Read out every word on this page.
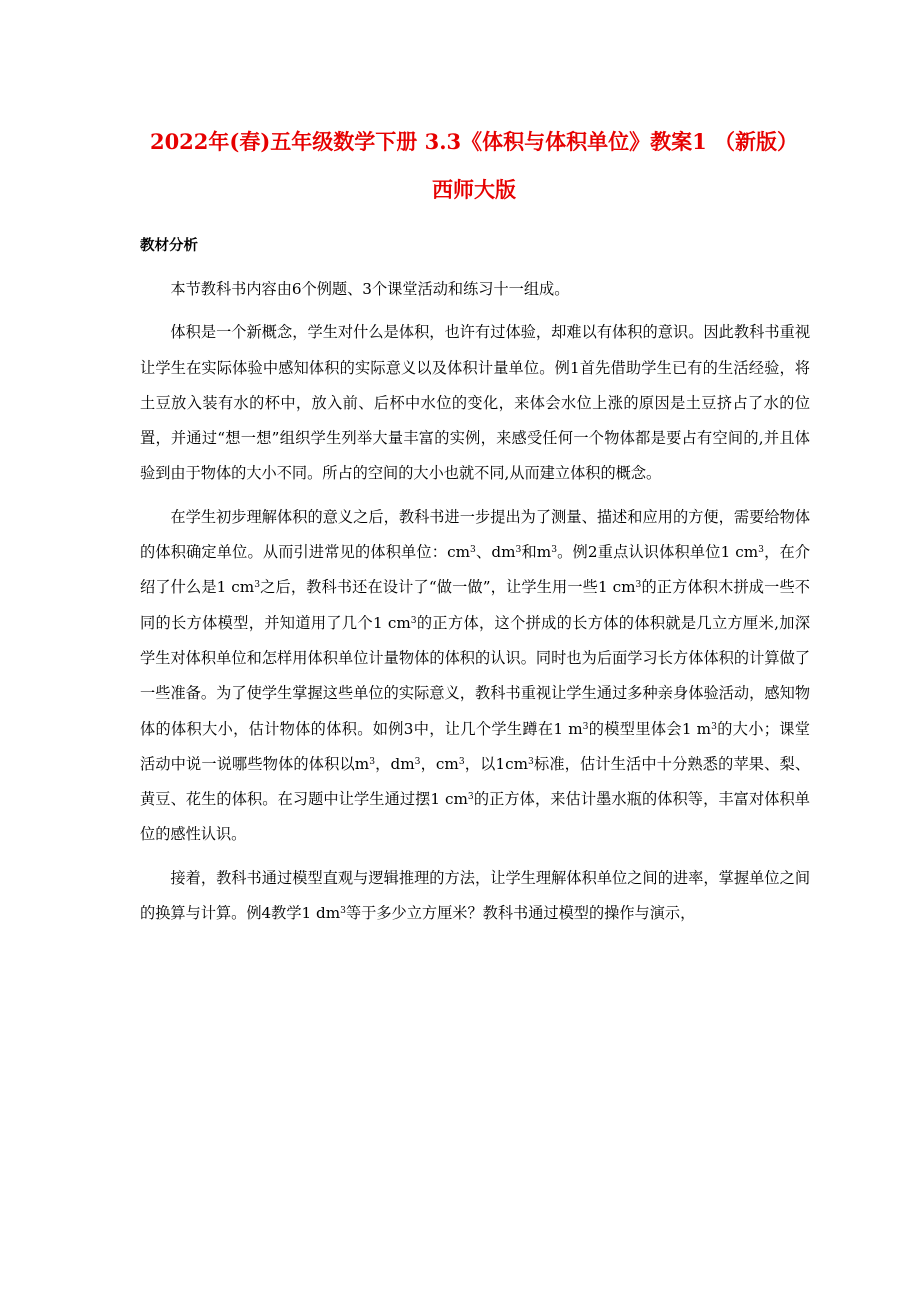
2022年(春)五年级数学下册 3.3《体积与体积单位》教案1 （新版）
西师大版
教材分析

本节教科书内容由6个例题、3个课堂活动和练习十一组成。

体积是一个新概念，学生对什么是体积，也许有过体验，却难以有体积的意识。因此教科书重视让学生在实际体验中感知体积的实际意义以及体积计量单位。例1首先借助学生已有的生活经验，将土豆放入装有水的杯中，放入前、后杯中水位的变化，来体会水位上涨的原因是土豆挤占了水的位置，并通过“想一想”组织学生列举大量丰富的实例，来感受任何一个物体都是要占有空间的,并且体验到由于物体的大小不同。所占的空间的大小也就不同,从而建立体积的概念。

在学生初步理解体积的意义之后，教科书进一步提出为了测量、描述和应用的方便，需要给物体的体积确定单位。从而引进常见的体积单位：$cm^3$、$dm^3$和$m^3$。例2重点认识体积单位1 $cm^3$，在介绍了什么是1 $cm^3$之后，教科书还在设计了“做一做”，让学生用一些1 $cm^3$的正方体积木拼成一些不同的长方体模型，并知道用了几个1 $cm^3$的正方体，这个拼成的长方体的体积就是几立方厘米,加深学生对体积单位和怎样用体积单位计量物体的体积的认识。同时也为后面学习长方体体积的计算做了一些准备。为了使学生掌握这些单位的实际意义，教科书重视让学生通过多种亲身体验活动，感知物体的体积大小，估计物体的体积。如例3中，让几个学生蹲在1 $m^3$的模型里体会1 $m^3$的大小；课堂活动中说一说哪些物体的体积以$m^3$，$dm^3$，$cm^3$，以$1cm^3$标准，估计生活中十分熟悉的苹果、梨、黄豆、花生的体积。在习题中让学生通过摆1 $cm^3$的正方体，来估计墨水瓶的体积等，丰富对体积单位的感性认识。

接着，教科书通过模型直观与逻辑推理的方法，让学生理解体积单位之间的进率，掌握单位之间的换算与计算。例4教学1 $dm^3$等于多少立方厘米？教科书通过模型的操作与演示，
